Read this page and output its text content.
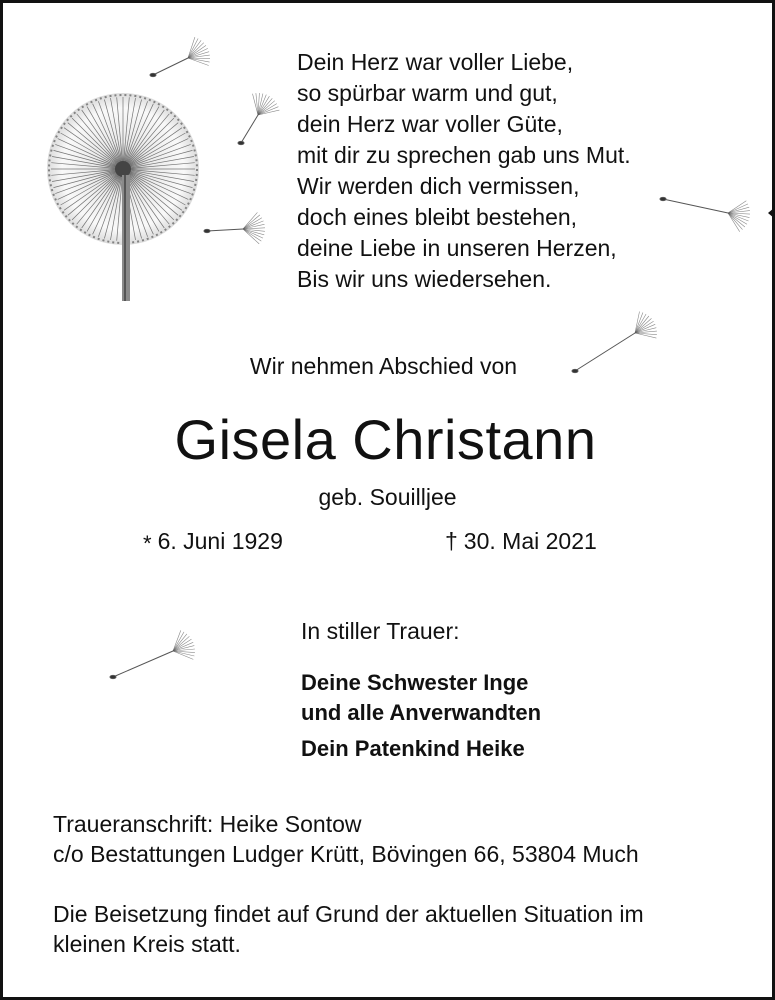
Dein Herz war voller Liebe,
so spürbar warm und gut,
dein Herz war voller Güte,
mit dir zu sprechen gab uns Mut.
Wir werden dich vermissen,
doch eines bleibt bestehen,
deine Liebe in unseren Herzen,
Bis wir uns wiedersehen.
Wir nehmen Abschied von
Gisela Christann
geb. Souilljee
* 6. Juni 1929	† 30. Mai 2021
In stiller Trauer:
Deine Schwester Inge
und alle Anverwandten
Dein Patenkind Heike
Traueranschrift: Heike Sontow
c/o Bestattungen Ludger Krütt, Bövingen 66, 53804 Much
Die Beisetzung findet auf Grund der aktuellen Situation im
kleinen Kreis statt.
